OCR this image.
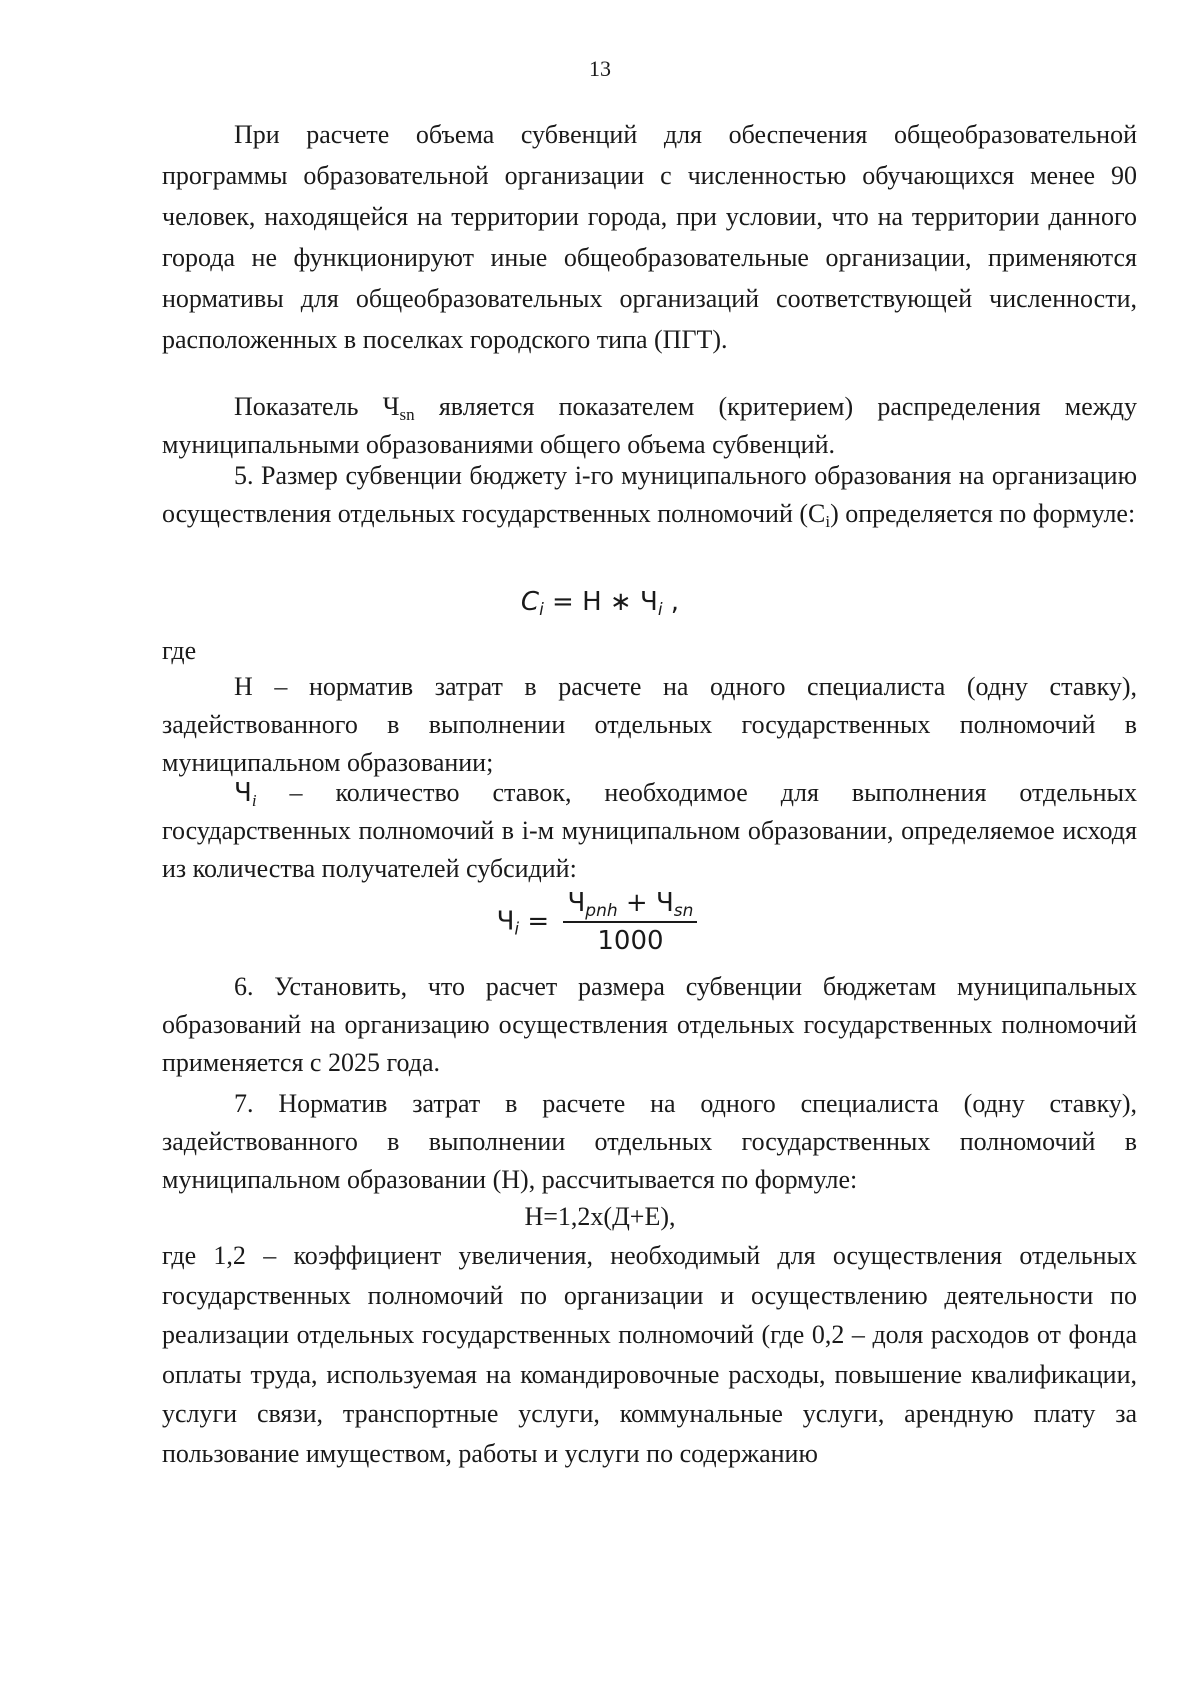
13

При расчете объема субвенций для обеспечения общеобразовательной программы образовательной организации с численностью обучающихся менее 90 человек, находящейся на территории города, при условии, что на территории данного города не функционируют иные общеобразовательные организации, применяются нормативы для общеобразовательных организаций соответствующей численности, расположенных в поселках городского типа (ПГТ).

Показатель $Ч_{sn}$ является показателем (критерием) распределения между муниципальными образованиями общего объема субвенций.

5. Размер субвенции бюджету i-го муниципального образования на организацию осуществления отдельных государственных полномочий $(С_i)$ определяется по формуле:

$C_i = Н$ ∗ $Ч_i$ ,

где

Н – норматив затрат в расчете на одного специалиста (одну ставку), задействованного в выполнении отдельных государственных полномочий в муниципальном образовании;

$Ч_i$ – количество ставок, необходимое для выполнения отдельных государственных полномочий в i-м муниципальном образовании, определяемое исходя из количества получателей субсидий:

$Ч_i = \frac{Ч_{pnh} + Ч_{sn}}{1000}$

6. Установить, что расчет размера субвенции бюджетам муниципальных образований на организацию осуществления отдельных государственных полномочий применяется с 2025 года.

7. Норматив затрат в расчете на одного специалиста (одну ставку), задействованного в выполнении отдельных государственных полномочий в муниципальном образовании (Н), рассчитывается по формуле:

Н=1,2х(Д+Е),

где 1,2 – коэффициент увеличения, необходимый для осуществления отдельных государственных полномочий по организации и осуществлению деятельности по реализации отдельных государственных полномочий (где 0,2 – доля расходов от фонда оплаты труда, используемая на командировочные расходы, повышение квалификации, услуги связи, транспортные услуги, коммунальные услуги, арендную плату за пользование имуществом, работы и услуги по содержанию
